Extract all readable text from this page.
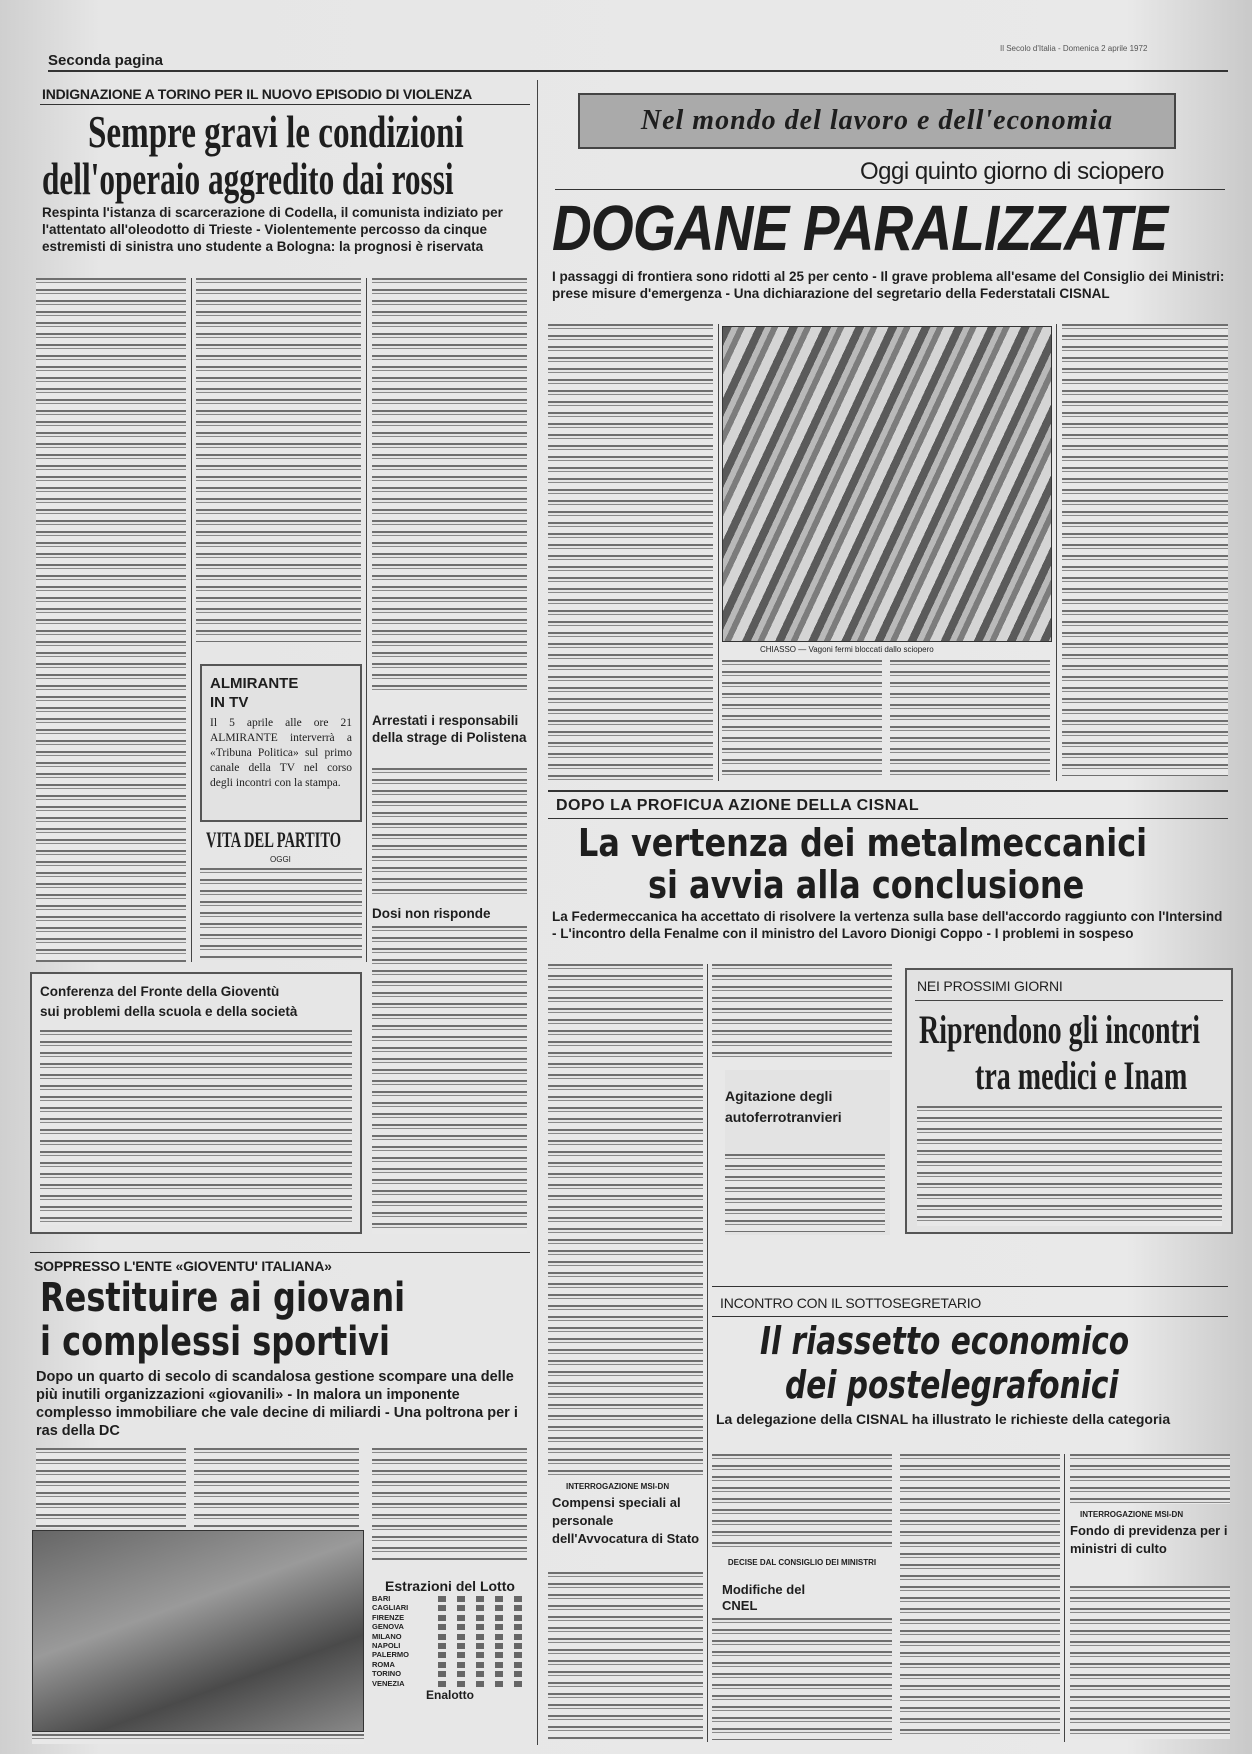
Seconda pagina
Il Secolo d'Italia - Domenica 2 aprile 1972
INDIGNAZIONE A TORINO PER IL NUOVO EPISODIO DI VIOLENZA
Sempre gravi le condizioni
dell'operaio aggredito dai rossi
Respinta l'istanza di scarcerazione di Codella, il comunista indiziato per l'attentato all'oleodotto di Trieste - Violentemente percosso da cinque estremisti di sinistra uno studente a Bologna: la prognosi è riservata
ALMIRANTE
IN TV
Il 5 aprile alle ore 21 ALMIRANTE interverrà a «Tribuna Politica» sul primo canale della TV nel corso degli incontri con la stampa.
VITA DEL PARTITO
OGGI
Arrestati i responsabili della strage di Polistena
Dosi non risponde
Conferenza del Fronte della Gioventù
sui problemi della scuola e della società
SOPPRESSO L'ENTE «GIOVENTU' ITALIANA»
Restituire ai giovani
i complessi sportivi
Dopo un quarto di secolo di scandalosa gestione scompare una delle più inutili organizzazioni «giovanili» - In malora un imponente complesso immobiliare che vale decine di miliardi - Una poltrona per i ras della DC
Estrazioni del Lotto
BARI
CAGLIARI
FIRENZE
GENOVA
MILANO
NAPOLI
PALERMO
ROMA
TORINO
VENEZIA
Enalotto
Nel mondo del lavoro e dell'economia
Oggi quinto giorno di sciopero
DOGANE PARALIZZATE
I passaggi di frontiera sono ridotti al 25 per cento - Il grave problema all'esame del Consiglio dei Ministri: prese misure d'emergenza - Una dichiarazione del segretario della Federstatali CISNAL
CHIASSO — Vagoni fermi bloccati dallo sciopero
DOPO LA PROFICUA AZIONE DELLA CISNAL
La vertenza dei metalmeccanici
si avvia alla conclusione
La Federmeccanica ha accettato di risolvere la vertenza sulla base dell'accordo raggiunto con l'Intersind - L'incontro della Fenalme con il ministro del Lavoro Dionigi Coppo - I problemi in sospeso
Agitazione degli autoferrotranvieri
NEI PROSSIMI GIORNI
Riprendono gli incontri
tra medici e Inam
INCONTRO CON IL SOTTOSEGRETARIO
Il riassetto economico
dei postelegrafonici
La delegazione della CISNAL ha illustrato le richieste della categoria
INTERROGAZIONE MSI-DN
Fondo di previdenza per i ministri di culto
INTERROGAZIONE MSI-DN
Compensi speciali al personale dell'Avvocatura di Stato
DECISE DAL CONSIGLIO DEI MINISTRI
Modifiche del CNEL
